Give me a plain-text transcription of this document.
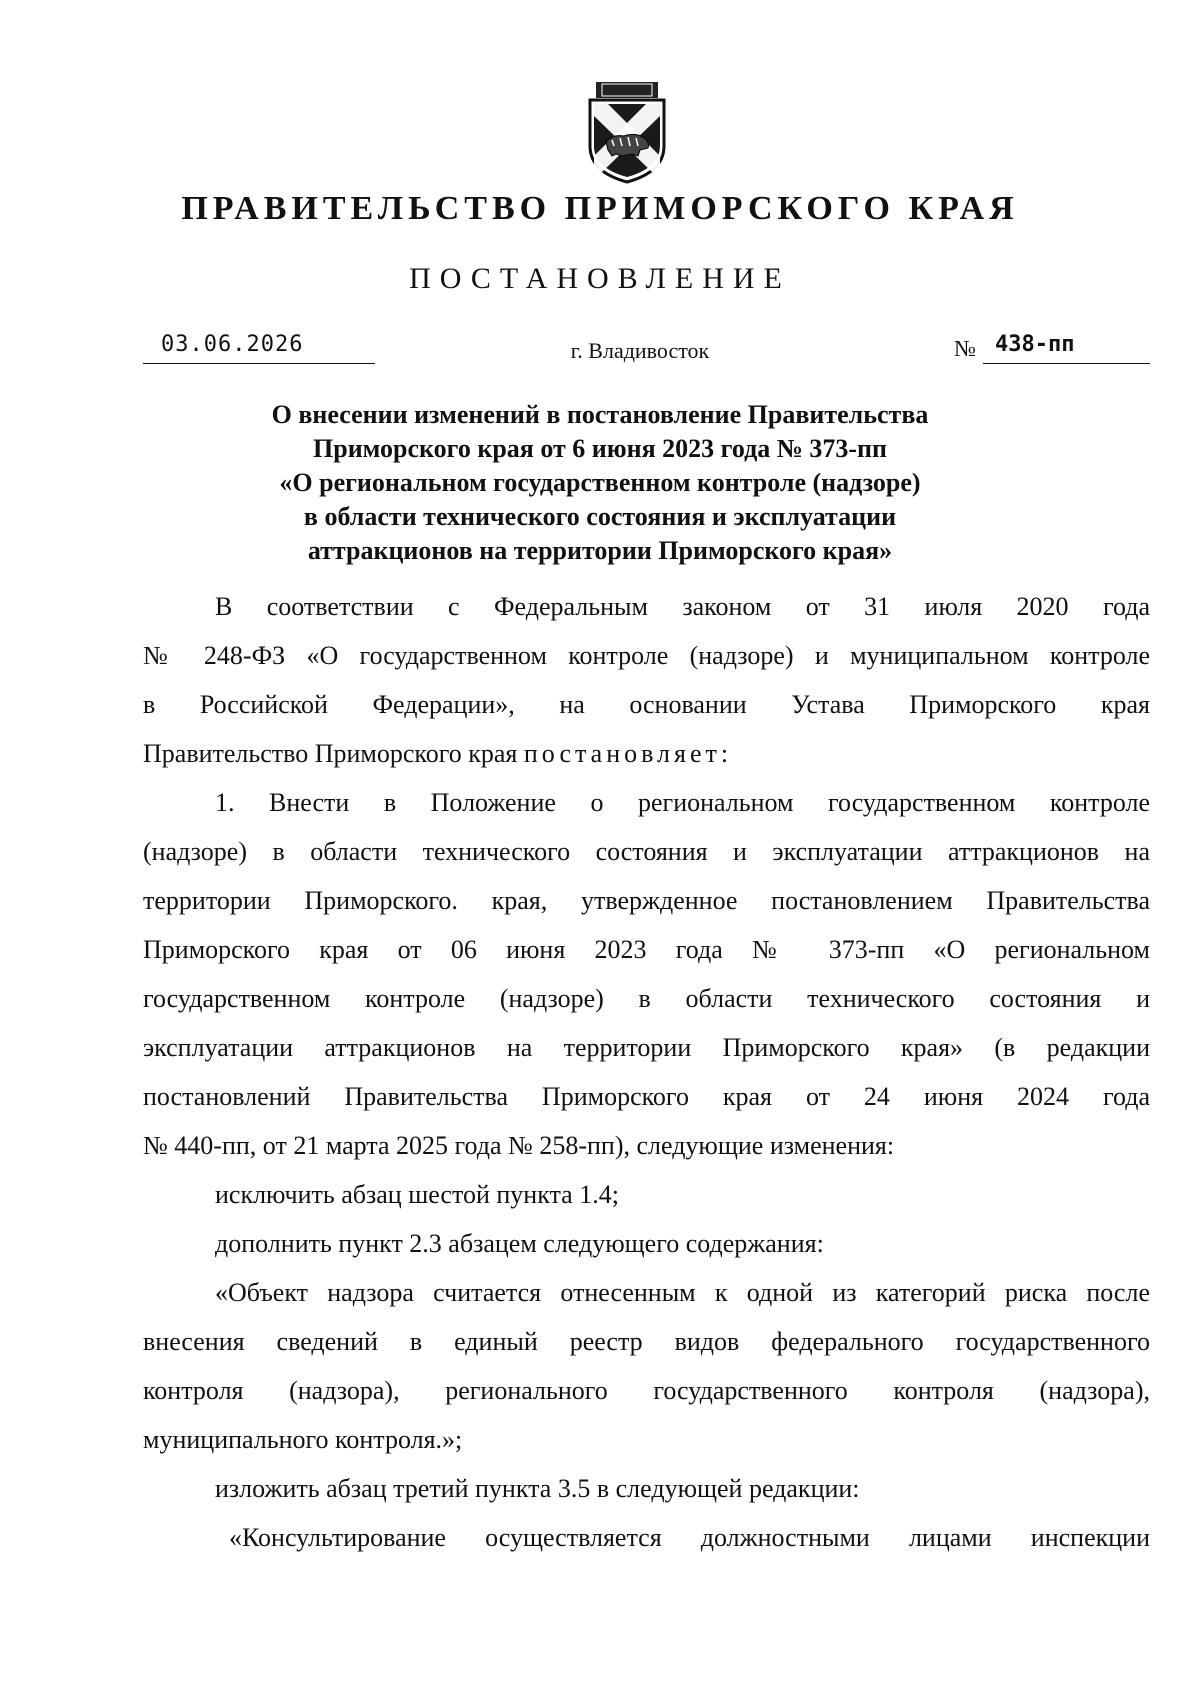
ПРАВИТЕЛЬСТВО ПРИМОРСКОГО КРАЯ
ПОСТАНОВЛЕНИЕ
03.06.2026	г. Владивосток	№ 438-пп
О внесении изменений в постановление Правительства
Приморского края от 6 июня 2023 года № 373-пп
«О региональном государственном контроле (надзоре)
в области технического состояния и эксплуатации
аттракционов на территории Приморского края»
В соответствии с Федеральным законом от 31 июля 2020 года
№ 248-ФЗ «О государственном контроле (надзоре) и муниципальном контроле
в Российской Федерации», на основании Устава Приморского края
Правительство Приморского края постановляет:
1. Внести в Положение о региональном государственном контроле
(надзоре) в области технического состояния и эксплуатации аттракционов на
территории Приморского. края, утвержденное постановлением Правительства
Приморского края от 06 июня 2023 года № 373-пп «О региональном
государственном контроле (надзоре) в области технического состояния и
эксплуатации аттракционов на территории Приморского края» (в редакции
постановлений Правительства Приморского края от 24 июня 2024 года
№ 440-пп, от 21 марта 2025 года № 258-пп), следующие изменения:
исключить абзац шестой пункта 1.4;
дополнить пункт 2.3 абзацем следующего содержания:
«Объект надзора считается отнесенным к одной из категорий риска после
внесения сведений в единый реестр видов федерального государственного
контроля (надзора), регионального государственного контроля (надзора),
муниципального контроля.»;
изложить абзац третий пункта 3.5 в следующей редакции:
«Консультирование осуществляется должностными лицами инспекции
